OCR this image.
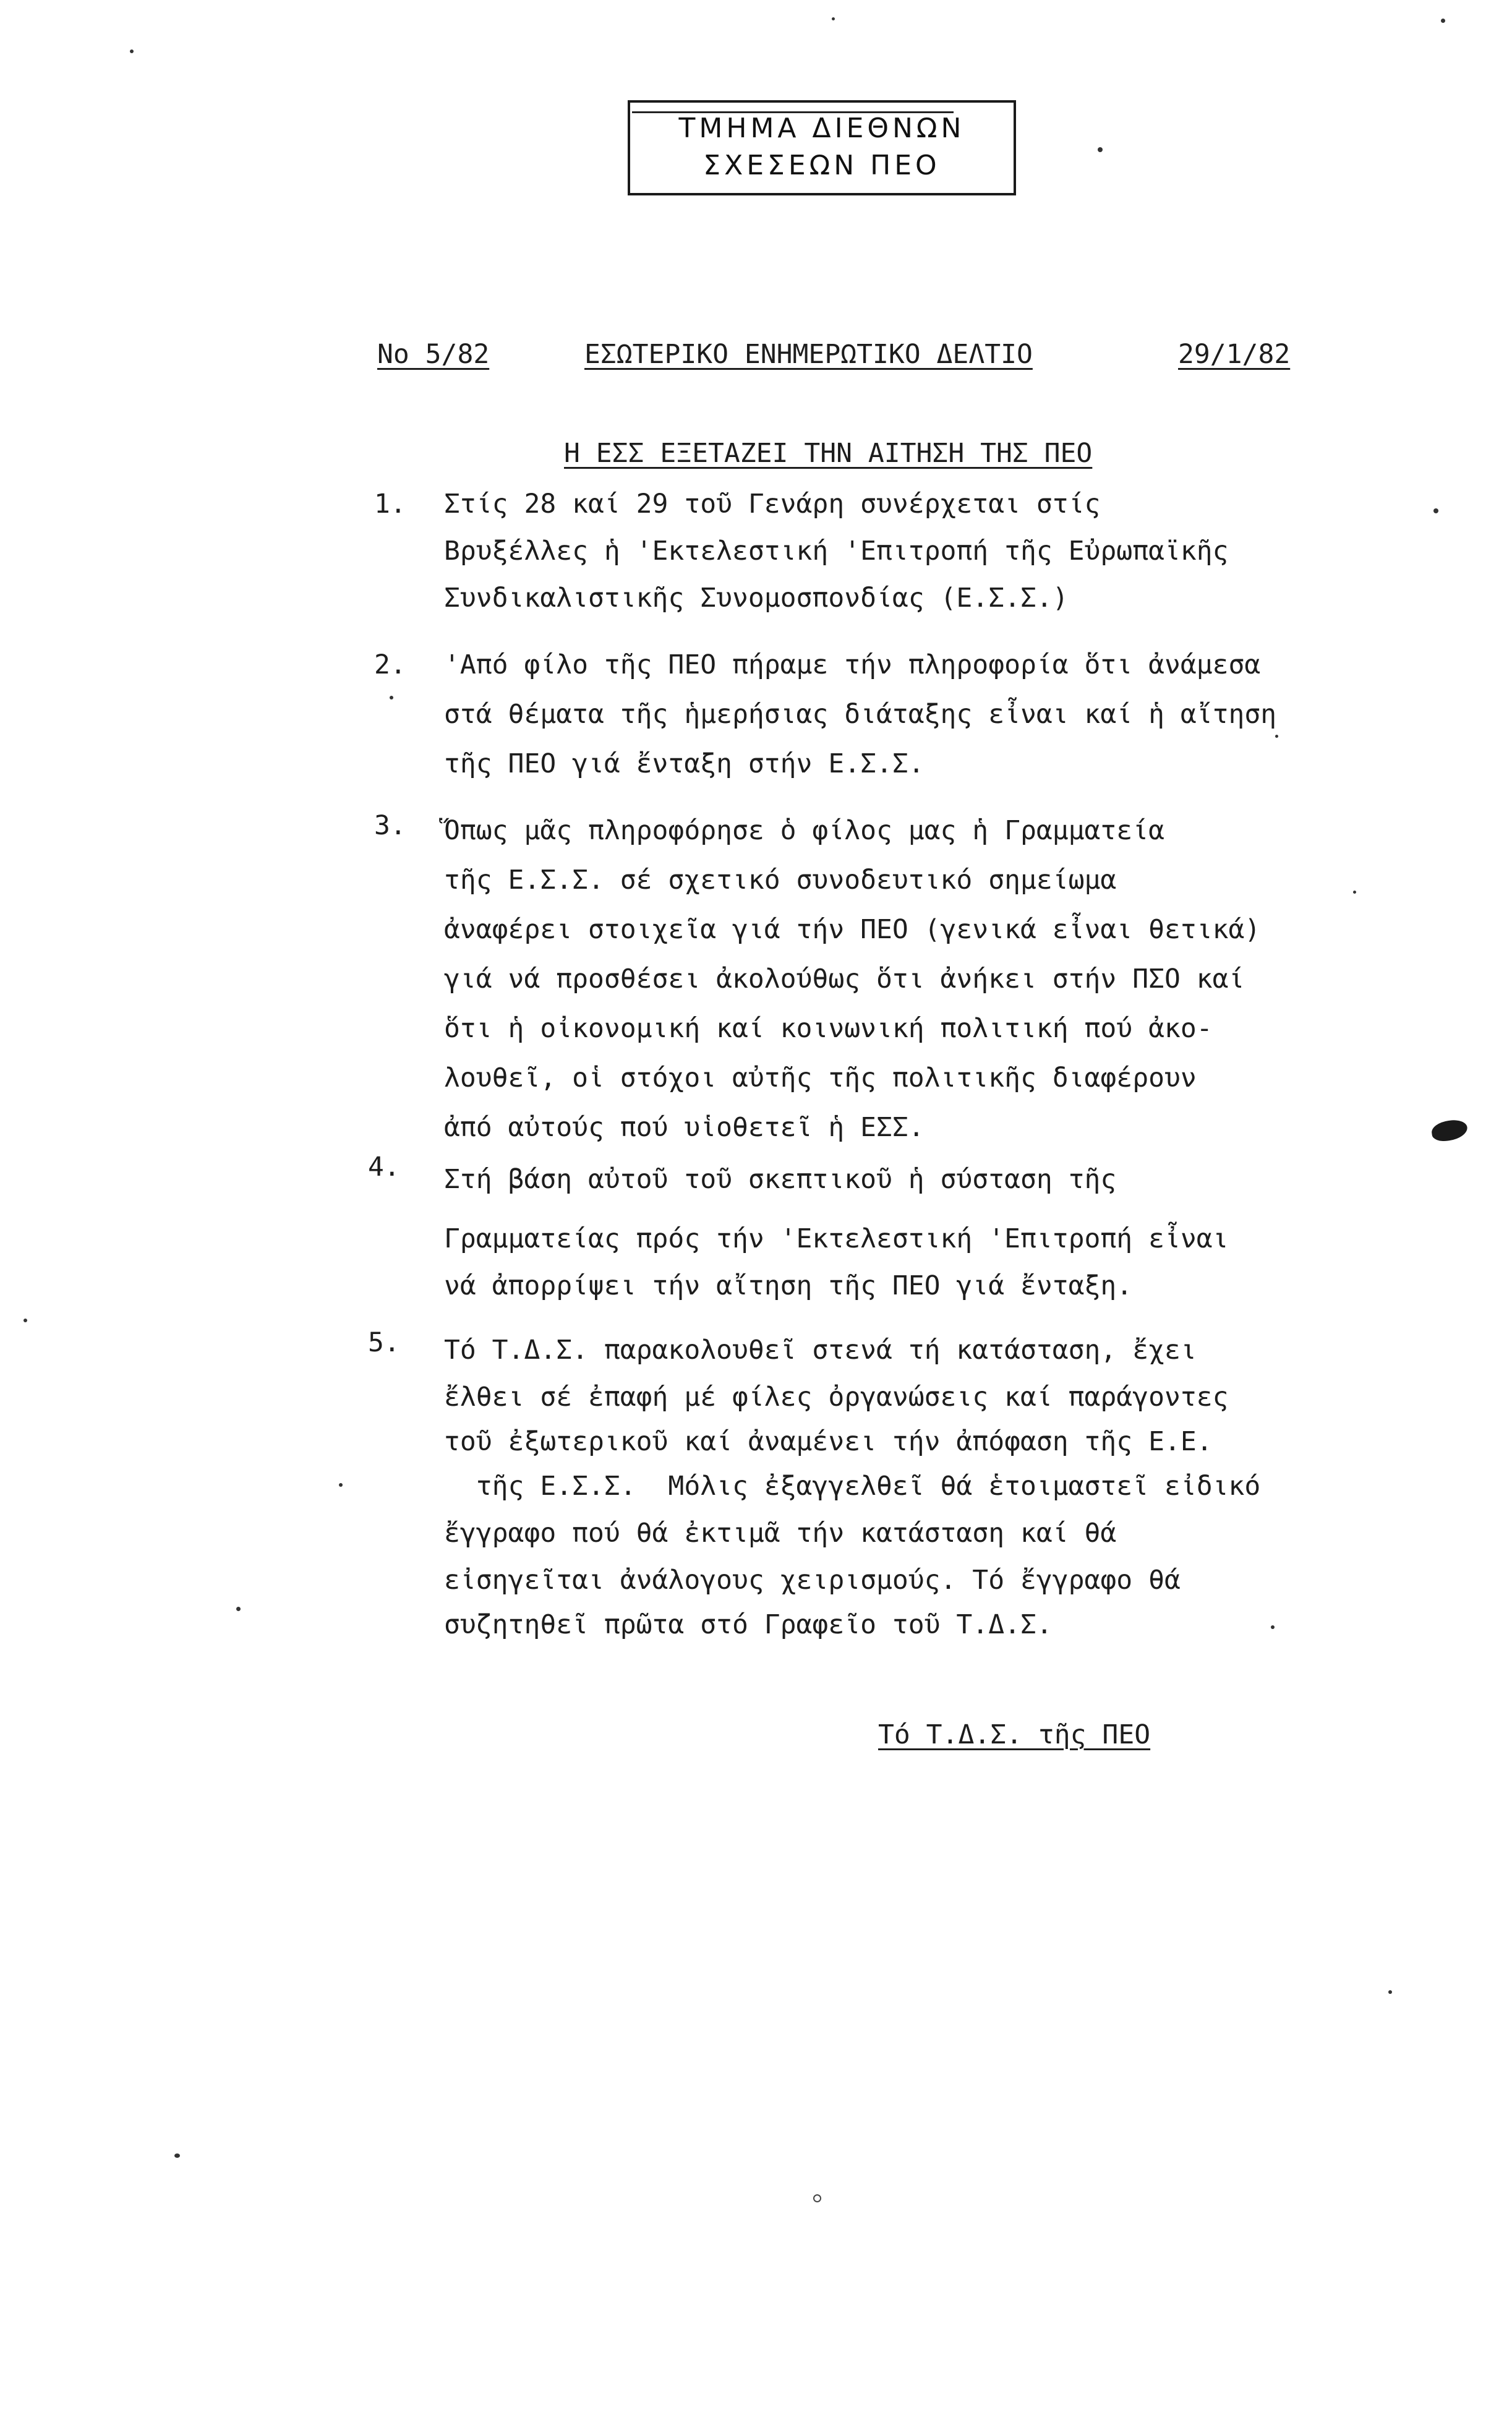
ΤΜΗΜΑ ΔΙΕΘΝΩΝ
ΣΧΕΣΕΩΝ ΠΕΟ
No 5/82	ΕΣΩΤΕΡΙΚΟ ΕΝΗΜΕΡΩΤΙΚΟ ΔΕΛΤΙΟ	29/1/82
Η ΕΣΣ ΕΞΕΤΑΖΕΙ ΤΗΝ ΑΙΤΗΣΗ ΤΗΣ ΠΕΟ
1. Στίς 28 καί 29 τοῦ Γενάρη συνέρχεται στίς
Βρυξέλλες ἡ 'Εκτελεστική 'Επιτροπή τῆς Εὐρωπαϊκῆς
Συνδικαλιστικῆς Συνομοσπονδίας (Ε.Σ.Σ.)
2. 'Από φίλο τῆς ΠΕΟ πήραμε τήν πληροφορία ὅτι ἀνάμεσα
στά θέματα τῆς ἡμερήσιας διάταξης εἶναι καί ἡ αἴτηση
τῆς ΠΕΟ γιά ἔνταξη στήν Ε.Σ.Σ.
3. Ὅπως μᾶς πληροφόρησε ὁ φίλος μας ἡ Γραμματεία
τῆς Ε.Σ.Σ. σέ σχετικό συνοδευτικό σημείωμα
ἀναφέρει στοιχεῖα γιά τήν ΠΕΟ (γενικά εἶναι θετικά)
γιά νά προσθέσει ἀκολούθως ὅτι ἀνήκει στήν ΠΣΟ καί
ὅτι ἡ οἰκονομική καί κοινωνική πολιτική πού ἀκο-
λουθεῖ, οἱ στόχοι αὐτῆς τῆς πολιτικῆς διαφέρουν
ἀπό αὐτούς πού υἱοθετεῖ ἡ ΕΣΣ.
4. Στή βάση αὐτοῦ τοῦ σκεπτικοῦ ἡ σύσταση τῆς
Γραμματείας πρός τήν 'Εκτελεστική 'Επιτροπή εἶναι
νά ἀπορρίψει τήν αἴτηση τῆς ΠΕΟ γιά ἔνταξη.
5. Τό Τ.Δ.Σ. παρακολουθεῖ στενά τή κατάσταση, ἔχει
ἔλθει σέ ἐπαφή μέ φίλες ὀργανώσεις καί παράγοντες
τοῦ ἐξωτερικοῦ καί ἀναμένει τήν ἀπόφαση τῆς Ε.Ε.
τῆς Ε.Σ.Σ.  Μόλις ἐξαγγελθεῖ θά ἑτοιμαστεῖ εἰδικό
ἔγγραφο πού θά ἐκτιμᾶ τήν κατάσταση καί θά
εἰσηγεῖται ἀνάλογους χειρισμούς. Τό ἔγγραφο θά
συζητηθεῖ πρῶτα στό Γραφεῖο τοῦ Τ.Δ.Σ.
Τό Τ.Δ.Σ. τῆς ΠΕΟ
